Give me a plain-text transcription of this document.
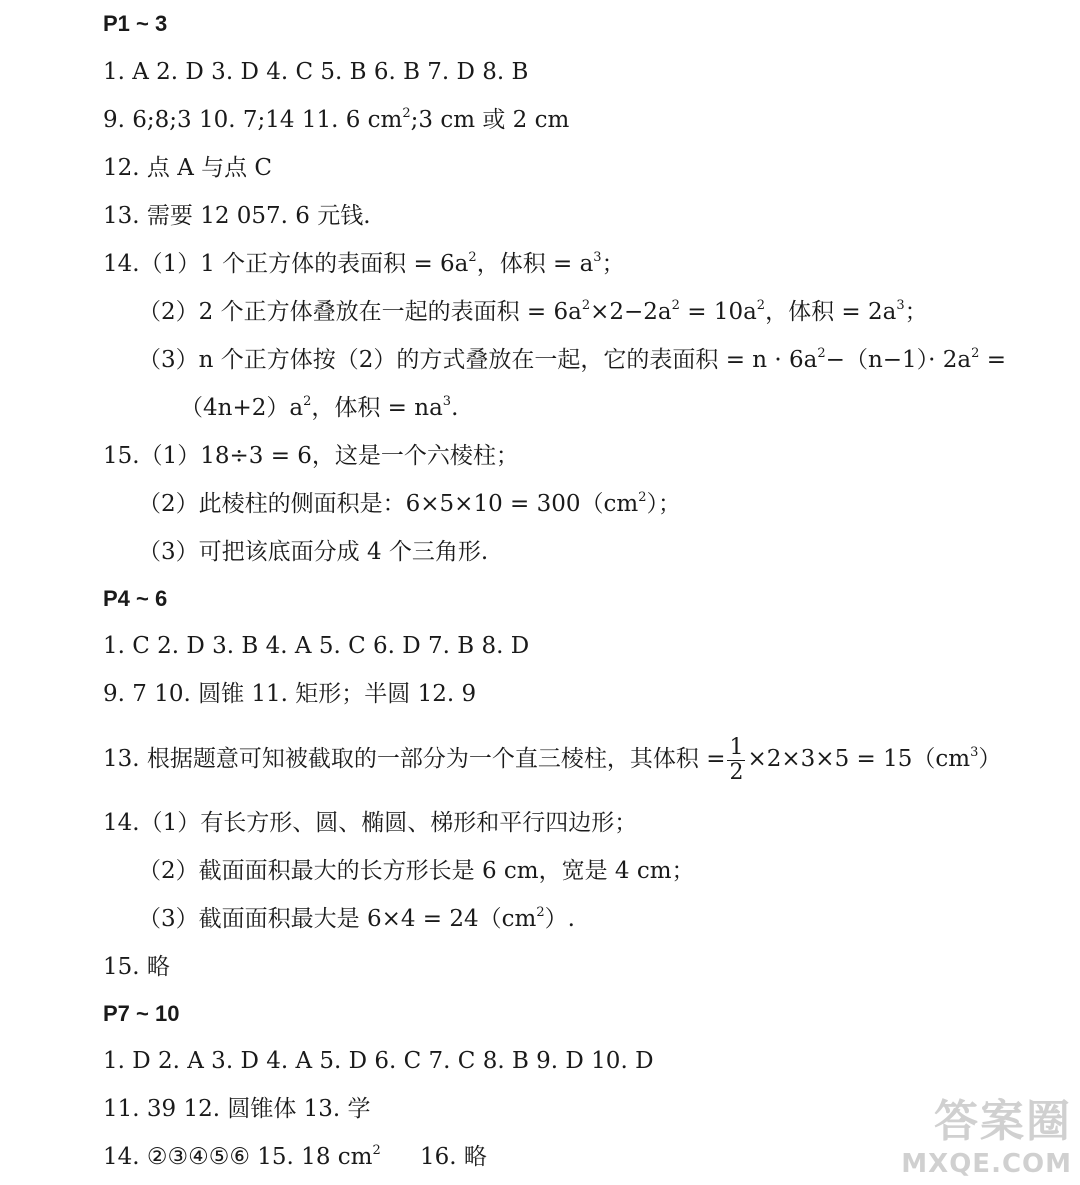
P1 ~ 3
1. A 2. D 3. D 4. C 5. B 6. B 7. D 8. B
9. 6;8;3 10. 7;14 11. 6 $cm^2;3$ cm 或 2 cm
12. 点 A 与点 C
13. 需要 12 057. 6 元钱.
14.（1）1 个正方体的表面积 = $6a^2$，体积 = $a^3$；
（2）2 个正方体叠放在一起的表面积 = $6a^2\times 2-2a^2 = 10a^2$，体积 = $2a^3$；
（3）n 个正方体按（2）的方式叠放在一起，它的表面积 = $n \cdot 6a^2-(n-1)\cdot 2a^2$ =
$(4n+2)a^2$，体积 = $na^3$.
15.（1）18÷3 = 6，这是一个六棱柱；
（2）此棱柱的侧面积是：$6\times 5\times 10 = 300(cm^2)$；
（3）可把该底面分成 4 个三角形.
P4 ~ 6
1. C 2. D 3. B 4. A 5. C 6. D 7. B 8. D
9. 7 10. 圆锥 11. 矩形；半圆 12. 9
13. 根据题意可知被截取的一部分为一个直三棱柱，其体积 = $\frac{1}{2} \times 2\times 3\times 5 = 15(cm^3)$
14.（1）有长方形、圆、椭圆、梯形和平行四边形；
（2）截面面积最大的长方形长是 6 cm，宽是 4 cm；
（3）截面面积最大是 $6\times 4 = 24(cm^2)$.
15. 略
P7 ~ 10
1. D 2. A 3. D 4. A 5. D 6. C 7. C 8. B 9. D 10. D
11. 39 12. 圆锥体 13. 学
14. ②③④⑤⑥ 15. 18 $cm^2$ 16. 略
答案圈
MXQE.COM
